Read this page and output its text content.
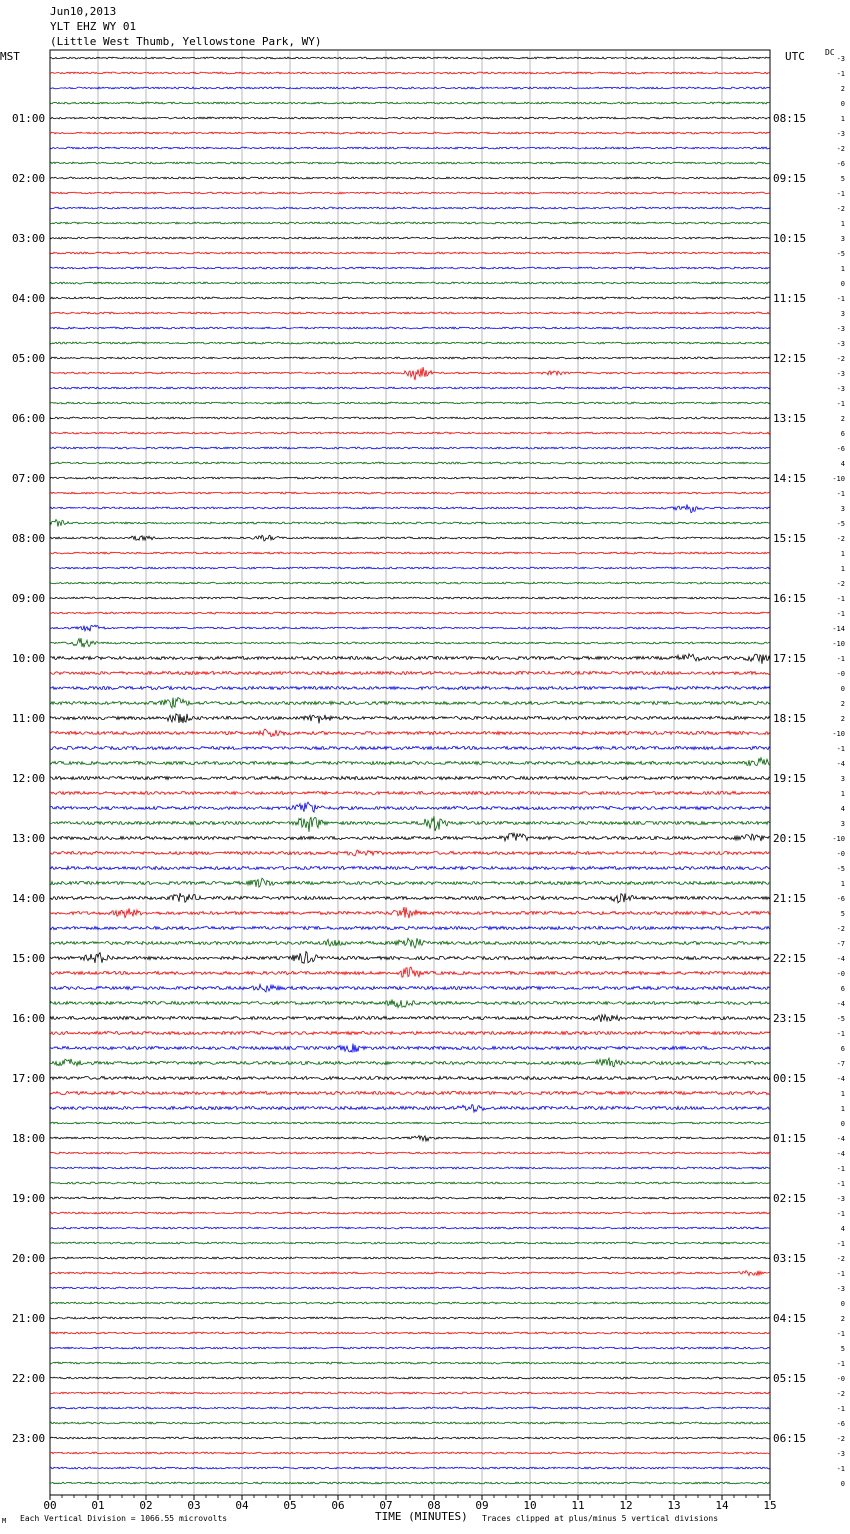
Jun10,2013
YLT EHZ WY 01
(Little West Thumb, Yellowstone Park, WY)
MST	UTC	DC
01:00
02:00
03:00
04:00
05:00
06:00
07:00
08:00
09:00
10:00
11:00
12:00
13:00
14:00
15:00
16:00
17:00
18:00
19:00
20:00
21:00
22:00
23:00
08:15
09:15
10:15
11:15
12:15
13:15
14:15
15:15
16:15
17:15
18:15
19:15
20:15
21:15
22:15
23:15
00:15
01:15
02:15
03:15
04:15
05:15
06:15
-3
-1
2
0
1
-3
-2
-6
5
-1
-2
1
3
-5
1
0
-1
3
-3
-3
-2
-3
-3
-1
2
6
-6
4
-10
-1
3
-5
-2
1
1
-2
-1
-1
-14
-10
-1
-0
0
2
2
-10
-1
-4
3
1
4
3
-10
-0
-5
1
-6
5
-2
-7
-4
-0
6
-4
-5
-1
6
-7
-4
1
1
0
-4
-4
-1
-1
-3
-1
4
-1
-2
-1
-3
0
2
-1
5
-1
-0
-2
-1
-6
-2
-3
-1
0
00	01	02	03	04	05	06	07	08	09	10	11	12	13	14	15
TIME (MINUTES)
Each Vertical Division = 1066.55 microvolts	Traces clipped at plus/minus 5 vertical divisions
M
